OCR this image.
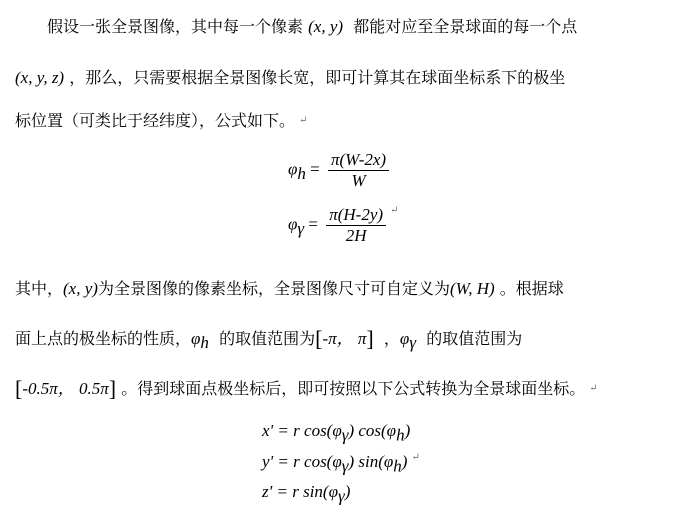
假设一张全景图像，其中每一个像素 (x, y) 都能对应至全景球面的每一个点
(x, y, z) ，那么，只需要根据全景图像长宽，即可计算其在球面坐标系下的极坐
标位置（可类比于经纬度），公式如下。 ↵
$\varphi_h = \frac{\pi(W-2x)}{W}$
$\varphi_\gamma = \frac{\pi(H-2y)}{2H} ^↵$
其中，(x, y)为全景图像的像素坐标，全景图像尺寸可自定义为(W, H) 。根据球
面上点的极坐标的性质，$\varphi_h$ 的取值范围为[-π， π] ，$\varphi_\gamma$ 的取值范围为
[-0.5π， 0.5π] 。得到球面点极坐标后，即可按照以下公式转换为全景球面坐标。 ↵
x' = r $\cos(\varphi_\gamma)$ $\cos(\varphi_h)$
y' = r $\cos(\varphi_\gamma)$ $\sin(\varphi_h)$ ↵
z' = r $\sin(\varphi_\gamma)$
